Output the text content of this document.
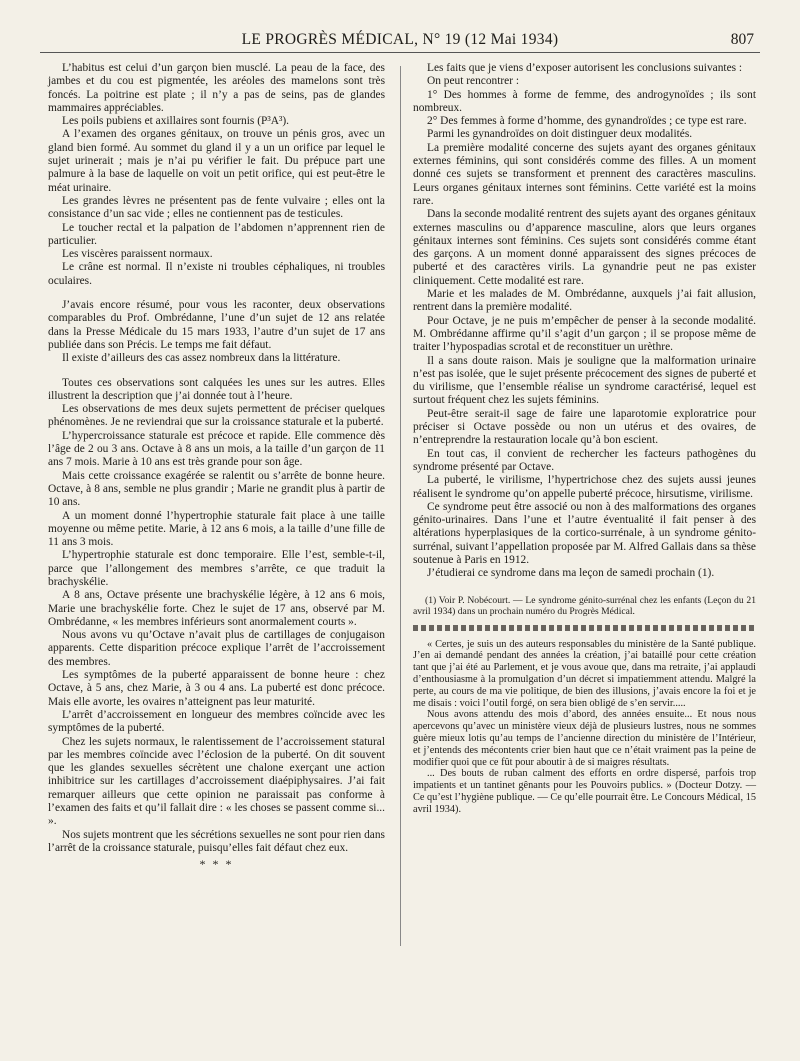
LE PROGRÈS MÉDICAL, N° 19 (12 Mai 1934)	807

L’habitus est celui d’un garçon bien musclé. La peau de la face, des jambes et du cou est pigmentée, les aréoles des mamelons sont très foncés. La poitrine est plate ; il n’y a pas de seins, pas de glandes mammaires appréciables.

Les poils pubiens et axillaires sont fournis (P³A³).

A l’examen des organes génitaux, on trouve un pénis gros, avec un gland bien formé. Au sommet du gland il y a un un orifice par lequel le sujet urinerait ; mais je n’ai pu vérifier le fait. Du prépuce part une palmure à la base de laquelle on voit un petit orifice, qui est peut-être le méat urinaire.

Les grandes lèvres ne présentent pas de fente vulvaire ; elles ont la consistance d’un sac vide ; elles ne contiennent pas de testicules.

Le toucher rectal et la palpation de l’abdomen n’apprennent rien de particulier.

Les viscères paraissent normaux.

Le crâne est normal. Il n’existe ni troubles céphaliques, ni troubles oculaires.

J’avais encore résumé, pour vous les raconter, deux observations comparables du Prof. Ombrédanne, l’une d’un sujet de 12 ans relatée dans la Presse Médicale du 15 mars 1933, l’autre d’un sujet de 17 ans publiée dans son Précis. Le temps me fait défaut.

Il existe d’ailleurs des cas assez nombreux dans la littérature.

Toutes ces observations sont calquées les unes sur les autres. Elles illustrent la description que j’ai donnée tout à l’heure.

Les observations de mes deux sujets permettent de préciser quelques phénomènes. Je ne reviendrai que sur la croissance staturale et la puberté.

L’hypercroissance staturale est précoce et rapide. Elle commence dès l’âge de 2 ou 3 ans. Octave à 8 ans un mois, a la taille d’un garçon de 11 ans 7 mois. Marie à 10 ans est très grande pour son âge.

Mais cette croissance exagérée se ralentit ou s’arrête de bonne heure. Octave, à 8 ans, semble ne plus grandir ; Marie ne grandit plus à partir de 10 ans.

A un moment donné l’hypertrophie staturale fait place à une taille moyenne ou même petite. Marie, à 12 ans 6 mois, a la taille d’une fille de 11 ans 3 mois.

L’hypertrophie staturale est donc temporaire. Elle l’est, semble-t-il, parce que l’allongement des membres s’arrête, ce que traduit la brachyskélie.

A 8 ans, Octave présente une brachyskélie légère, à 12 ans 6 mois, Marie une brachyskélie forte. Chez le sujet de 17 ans, observé par M. Ombrédanne, « les membres inférieurs sont anormalement courts ».

Nous avons vu qu’Octave n’avait plus de cartillages de conjugaison apparents. Cette disparition précoce explique l’arrêt de l’accroissement des membres.

Les symptômes de la puberté apparaissent de bonne heure : chez Octave, à 5 ans, chez Marie, à 3 ou 4 ans. La puberté est donc précoce. Mais elle avorte, les ovaires n’atteignent pas leur maturité.

L’arrêt d’accroissement en longueur des membres coïncide avec les symptômes de la puberté.

Chez les sujets normaux, le ralentissement de l’accroissement statural par les membres coïncide avec l’éclosion de la puberté. On dit souvent que les glandes sexuelles sécrètent une chalone exerçant une action inhibitrice sur les cartillages d’accroissement diaépiphysaires. J’ai fait remarquer ailleurs que cette opinion ne paraissait pas conforme à l’examen des faits et qu’il fallait dire : « les choses se passent comme si... ».

Nos sujets montrent que les sécrétions sexuelles ne sont pour rien dans l’arrêt de la croissance staturale, puisqu’elles fait défaut chez eux.

* * *

Les faits que je viens d’exposer autorisent les conclusions suivantes :

On peut rencontrer :

1° Des hommes à forme de femme, des androgynoïdes ; ils sont nombreux.

2° Des femmes à forme d’homme, des gynandroïdes ; ce type est rare.

Parmi les gynandroïdes on doit distinguer deux modalités.

La première modalité concerne des sujets ayant des organes génitaux externes féminins, qui sont considérés comme des filles. A un moment donné ces sujets se transforment et prennent des caractères masculins. Leurs organes génitaux internes sont féminins. Cette variété est la moins rare.

Dans la seconde modalité rentrent des sujets ayant des organes génitaux externes masculins ou d’apparence masculine, alors que leurs organes génitaux internes sont féminins. Ces sujets sont considérés comme étant des garçons. A un moment donné apparaissent des signes précoces de puberté et des caractères virils. La gynandrie peut ne pas exister cliniquement. Cette modalité est rare.

Marie et les malades de M. Ombrédanne, auxquels j’ai fait allusion, rentrent dans la première modalité.

Pour Octave, je ne puis m’empêcher de penser à la seconde modalité. M. Ombrédanne affirme qu’il s’agit d’un garçon ; il se propose même de traiter l’hypospadias scrotal et de reconstituer un urèthre.

Il a sans doute raison. Mais je souligne que la malformation urinaire n’est pas isolée, que le sujet présente précocement des signes de puberté et du virilisme, que l’ensemble réalise un syndrome caractérisé, lequel est surtout fréquent chez les sujets féminins.

Peut-être serait-il sage de faire une laparotomie exploratrice pour préciser si Octave possède ou non un utérus et des ovaires, de n’entreprendre la restauration locale qu’à bon escient.

En tout cas, il convient de rechercher les facteurs pathogènes du syndrome présenté par Octave.

La puberté, le virilisme, l’hypertrichose chez des sujets aussi jeunes réalisent le syndrome qu’on appelle puberté précoce, hirsutisme, virilisme.

Ce syndrome peut être associé ou non à des malformations des organes génito-urinaires. Dans l’une et l’autre éventualité il fait penser à des altérations hyperplasiques de la cortico-surrénale, à un syndrome génito-surrénal, suivant l’appellation proposée par M. Alfred Gallais dans sa thèse soutenue à Paris en 1912.

J’étudierai ce syndrome dans ma leçon de samedi prochain (1).

(1) Voir P. Nobécourt. — Le syndrome génito-surrénal chez les enfants (Leçon du 21 avril 1934) dans un prochain numéro du Progrès Médical.

« Certes, je suis un des auteurs responsables du ministère de la Santé publique. J’en ai demandé pendant des années la création, j’ai bataillé pour cette création tant que j’ai été au Parlement, et je vous avoue que, dans ma retraite, j’ai applaudi d’enthousiasme à la promulgation d’un décret si impatiemment attendu. Malgré la perte, au cours de ma vie politique, de bien des illusions, j’avais encore la foi et je me disais : voici l’outil forgé, on sera bien obligé de s’en servir.....

Nous avons attendu des mois d’abord, des années ensuite... Et nous nous apercevons qu’avec un ministère vieux déjà de plusieurs lustres, nous ne sommes guère mieux lotis qu’au temps de l’ancienne direction du ministère de l’Intérieur, et j’entends des mécontents crier bien haut que ce n’était vraiment pas la peine de modifier quoi que ce fût pour aboutir à de si maigres résultats.

... Des bouts de ruban calment des efforts en ordre dispersé, parfois trop impatients et un tantinet gênants pour les Pouvoirs publics. » (Docteur Dotzy. — Ce qu’est l’hygiène publique. — Ce qu’elle pourrait être. Le Concours Médical, 15 avril 1934).
